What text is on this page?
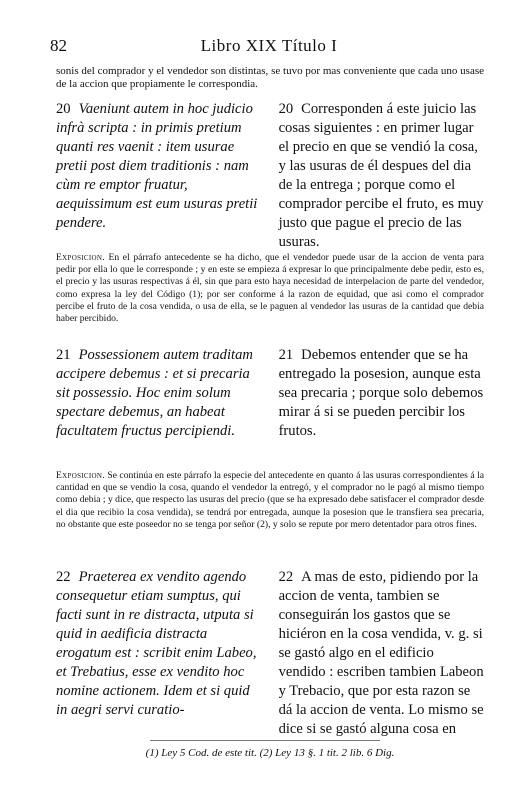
82	Libro XIX Título I
sonis del comprador y el vendedor son distintas, se tuvo por mas conveniente que cada uno usase de la accion que propiamente le correspondia.
20 Vaeniunt autem in hoc judicio infrà scripta : in primis pretium quanti res vaenit : item usurae pretii post diem traditionis : nam cùm re emptor fruatur, aequissimum est eum usuras pretii pendere.
20 Corresponden á este juicio las cosas siguientes : en primer lugar el precio en que se vendió la cosa, y las usuras de él despues del dia de la entrega ; porque como el comprador percibe el fruto, es muy justo que pague el precio de las usuras.
Exposicion. En el párrafo antecedente se ha dicho, que el vendedor puede usar de la accion de venta para pedir por ella lo que le corresponde ; y en este se empieza á expresar lo que principalmente debe pedir, esto es, el precio y las usuras respectivas á él, sin que para esto haya necesidad de interpelacion de parte del vendedor, como expresa la ley del Código (1); por ser conforme á la razon de equidad, que asi como el comprador percibe el fruto de la cosa vendida, o usa de ella, se le paguen al vendedor las usuras de la cantidad que debia haber percibido.
21 Possessionem autem traditam accipere debemus : et si precaria sit possessio. Hoc enim solum spectare debemus, an habeat facultatem fructus percipiendi.
21 Debemos entender que se ha entregado la posesion, aunque esta sea precaria ; porque solo debemos mirar á si se pueden percibir los frutos.
Exposicion. Se continúa en este párrafo la especie del antecedente en quanto á las usuras correspondientes á la cantidad en que se vendio la cosa, quando el vendedor la entregó, y el comprador no le pagó al mismo tiempo como debia ; y dice, que respecto las usuras del precio (que se ha expresado debe satisfacer el comprador desde el dia que recibio la cosa vendida), se tendrá por entregada, aunque la posesion que le transfiera sea precaria, no obstante que este poseedor no se tenga por señor (2), y solo se repute por mero detentador para otros fines.
22 Praeterea ex vendito agendo consequetur etiam sumptus, qui facti sunt in re distracta, utputa si quid in aedificia distracta erogatum est : scribit enim Labeo, et Trebatius, esse ex vendito hoc nomine actionem. Idem et si quid in aegri servi curatio-
22 A mas de esto, pidiendo por la accion de venta, tambien se conseguirán los gastos que se hiciéron en la cosa vendida, v. g. si se gastó algo en el edificio vendido : escriben tambien Labeon y Trebacio, que por esta razon se dá la accion de venta. Lo mismo se dice si se gastó alguna cosa en
(1) Ley 5 Cod. de este tit. (2) Ley 13 §. 1 tit. 2 lib. 6 Dig.
